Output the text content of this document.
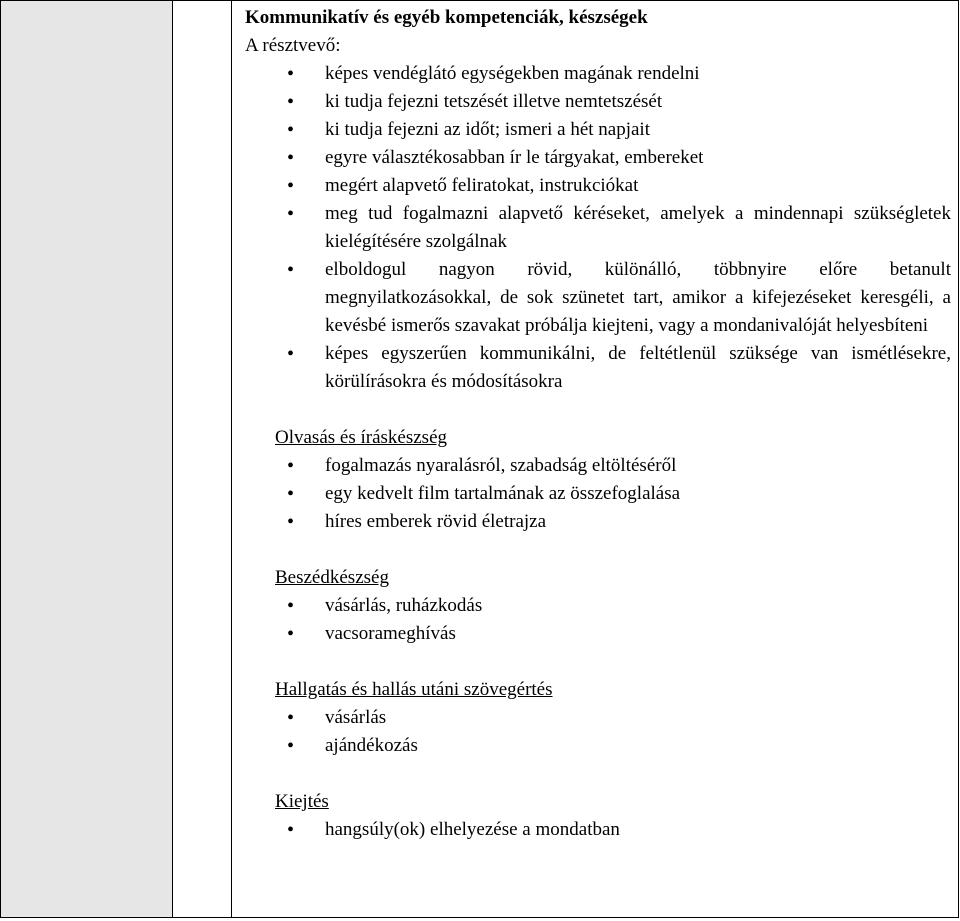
Kommunikatív és egyéb kompetenciák, készségek
A résztvevő:
• képes vendéglátó egységekben magának rendelni
• ki tudja fejezni tetszését illetve nemtetszését
• ki tudja fejezni az időt; ismeri a hét napjait
• egyre választékosabban ír le tárgyakat, embereket
• megért alapvető feliratokat, instrukciókat
• meg tud fogalmazni alapvető kéréseket, amelyek a mindennapi szükségletek kielégítésére szolgálnak
• elboldogul nagyon rövid, különálló, többnyire előre betanult megnyilatkozásokkal, de sok szünetet tart, amikor a kifejezéseket keresgéli, a kevésbé ismerős szavakat próbálja kiejteni, vagy a mondanivalóját helyesbíteni
• képes egyszerűen kommunikálni, de feltétlenül szüksége van ismétlésekre, körülírásokra és módosításokra
Olvasás és íráskészség
• fogalmazás nyaralásról, szabadság eltöltéséről
• egy kedvelt film tartalmának az összefoglalása
• híres emberek rövid életrajza
Beszédkészség
• vásárlás, ruházkodás
• vacsorameghívás
Hallgatás és hallás utáni szövegértés
• vásárlás
• ajándékozás
Kiejtés
• hangsúly(ok) elhelyezése a mondatban
